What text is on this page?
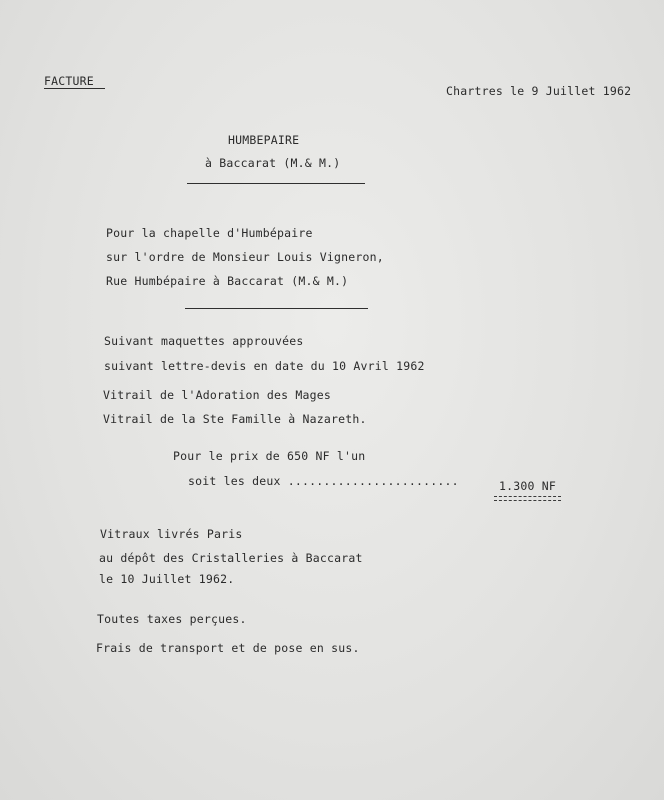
FACTURE
Chartres le 9 Juillet 1962
HUMBEPAIRE
à Baccarat (M.& M.)
Pour la chapelle d'Humbépaire
sur l'ordre de Monsieur Louis Vigneron,
Rue Humbépaire à Baccarat (M.& M.)
Suivant maquettes approuvées
suivant lettre-devis en date du 10 Avril 1962
Vitrail de l'Adoration des Mages
Vitrail de la Ste Famille à Nazareth.
Pour le prix de 650 NF l'un
soit les deux ........................	1.300 NF
Vitraux livrés Paris
au dépôt des Cristalleries à Baccarat
le 10 Juillet 1962.
Toutes taxes perçues.
Frais de transport et de pose en sus.
